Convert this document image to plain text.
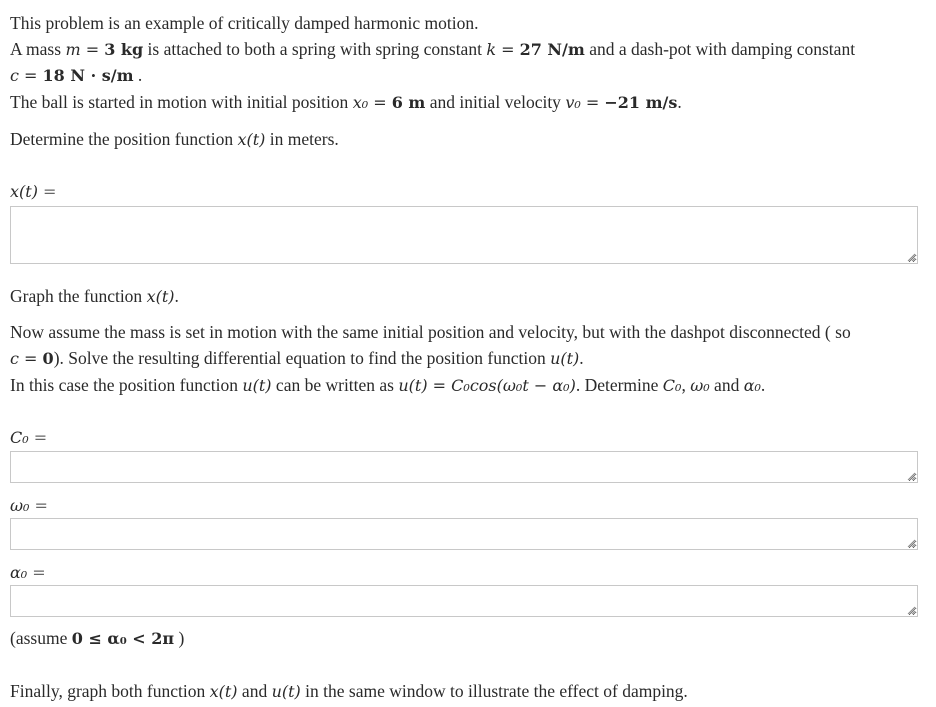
This problem is an example of critically damped harmonic motion.
A mass m = 3 kg is attached to both a spring with spring constant k = 27 N/m and a dash-pot with damping constant
c = 18 N · s/m .
The ball is started in motion with initial position x₀ = 6 m and initial velocity v₀ = −21 m/s.
Determine the position function x(t) in meters.
x(t) =
Graph the function x(t).
Now assume the mass is set in motion with the same initial position and velocity, but with the dashpot disconnected ( so
c = 0). Solve the resulting differential equation to find the position function u(t).
In this case the position function u(t) can be written as u(t) = C₀cos(ω₀t − α₀). Determine C₀, ω₀ and α₀.
C₀ =
ω₀ =
α₀ =
(assume 0 ≤ α₀ < 2π )
Finally, graph both function x(t) and u(t) in the same window to illustrate the effect of damping.
